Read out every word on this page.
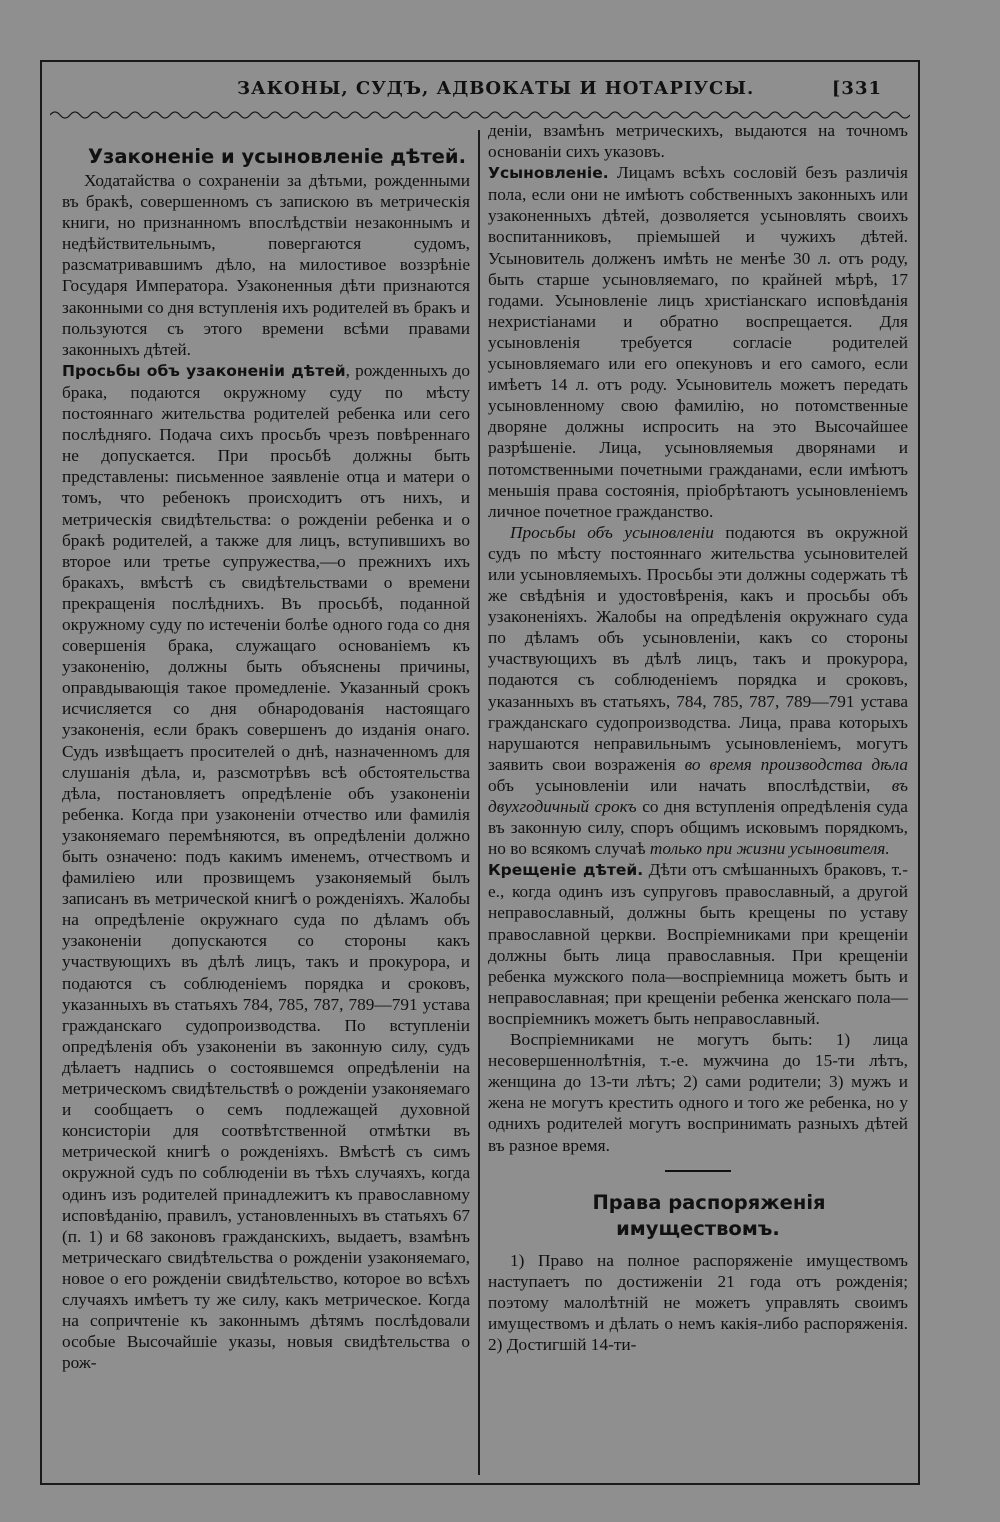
ЗАКОНЫ, СУДЪ, АДВОКАТЫ И НОТАРІУСЫ.	[331

Узаконеніе и усыновленіе дѣтей.

Ходатайства о сохраненіи за дѣтьми, рожденными въ бракѣ, совершенномъ съ запискою въ метрическія книги, но признанномъ впослѣдствіи незаконнымъ и недѣйствительнымъ, повергаются судомъ, разсматривавшимъ дѣло, на милостивое воззрѣніе Государя Императора. Узаконенныя дѣти признаются законными со дня вступленія ихъ родителей въ бракъ и пользуются съ этого времени всѣми правами законныхъ дѣтей.

Просьбы объ узаконеніи дѣтей, рожденныхъ до брака, подаются окружному суду по мѣсту постояннаго жительства родителей ребенка или сего послѣдняго. Подача сихъ просьбъ чрезъ повѣреннаго не допускается. При просьбѣ должны быть представлены: письменное заявленіе отца и матери о томъ, что ребенокъ происходитъ отъ нихъ, и метрическія свидѣтельства: о рожденіи ребенка и о бракѣ родителей, а также для лицъ, вступившихъ во второе или третье супружества,—о прежнихъ ихъ бракахъ, вмѣстѣ съ свидѣтельствами о времени прекращенія послѣднихъ. Въ просьбѣ, поданной окружному суду по истеченіи болѣе одного года со дня совершенія брака, служащаго основаніемъ къ узаконенію, должны быть объяснены причины, оправдывающія такое промедленіе. Указанный срокъ исчисляется со дня обнародованія настоящаго узаконенія, если бракъ совершенъ до изданія онаго. Судъ извѣщаетъ просителей о днѣ, назначенномъ для слушанія дѣла, и, разсмотрѣвъ всѣ обстоятельства дѣла, постановляетъ опредѣленіе объ узаконеніи ребенка. Когда при узаконеніи отчество или фамилія узаконяемаго перемѣняются, въ опредѣленіи должно быть означено: подъ какимъ именемъ, отчествомъ и фамиліею или прозвищемъ узаконяемый былъ записанъ въ метрической книгѣ о рожденіяхъ. Жалобы на опредѣленіе окружнаго суда по дѣламъ объ узаконеніи допускаются со стороны какъ участвующихъ въ дѣлѣ лицъ, такъ и прокурора, и подаются съ соблюденіемъ порядка и сроковъ, указанныхъ въ статьяхъ 784, 785, 787, 789—791 устава гражданскаго судопроизводства. По вступленіи опредѣленія объ узаконеніи въ законную силу, судъ дѣлаетъ надпись о состоявшемся опредѣленіи на метрическомъ свидѣтельствѣ о рожденіи узаконяемаго и сообщаетъ о семъ подлежащей духовной консисторіи для соотвѣтственной отмѣтки въ метрической книгѣ о рожденіяхъ. Вмѣстѣ съ симъ окружной судъ по соблюденіи въ тѣхъ случаяхъ, когда одинъ изъ родителей принадлежитъ къ православному исповѣданію, правилъ, установленныхъ въ статьяхъ 67 (п. 1) и 68 законовъ гражданскихъ, выдаетъ, взамѣнъ метрическаго свидѣтельства о рожденіи узаконяемаго, новое о его рожденіи свидѣтельство, которое во всѣхъ случаяхъ имѣетъ ту же силу, какъ метрическое. Когда на сопричтеніе къ законнымъ дѣтямъ послѣдовали особые Высочайшіе указы, новыя свидѣтельства о рож-

деніи, взамѣнъ метрическихъ, выдаются на точномъ основаніи сихъ указовъ.

Усыновленіе. Лицамъ всѣхъ сословій безъ различія пола, если они не имѣютъ собственныхъ законныхъ или узаконенныхъ дѣтей, дозволяется усыновлять своихъ воспитанниковъ, пріемышей и чужихъ дѣтей. Усыновитель долженъ имѣть не менѣе 30 л. отъ роду, быть старше усыновляемаго, по крайней мѣрѣ, 17 годами. Усыновленіе лицъ христіанскаго исповѣданія нехристіанами и обратно воспрещается. Для усыновленія требуется согласіе родителей усыновляемаго или его опекуновъ и его самого, если имѣетъ 14 л. отъ роду. Усыновитель можетъ передать усыновленному свою фамилію, но потомственные дворяне должны испросить на это Высочайшее разрѣшеніе. Лица, усыновляемыя дворянами и потомственными почетными гражданами, если имѣютъ меньшія права состоянія, пріобрѣтаютъ усыновленіемъ личное почетное гражданство.

Просьбы объ усыновленіи подаются въ окружной судъ по мѣсту постояннаго жительства усыновителей или усыновляемыхъ. Просьбы эти должны содержать тѣ же свѣдѣнія и удостовѣренія, какъ и просьбы объ узаконеніяхъ. Жалобы на опредѣленія окружнаго суда по дѣламъ объ усыновленіи, какъ со стороны участвующихъ въ дѣлѣ лицъ, такъ и прокурора, подаются съ соблюденіемъ порядка и сроковъ, указанныхъ въ статьяхъ, 784, 785, 787, 789—791 устава гражданскаго судопроизводства. Лица, права которыхъ нарушаются неправильнымъ усыновленіемъ, могутъ заявить свои возраженія во время производства дѣла объ усыновленіи или начать впослѣдствіи, въ двухгодичный срокъ со дня вступленія опредѣленія суда въ законную силу, споръ общимъ исковымъ порядкомъ, но во всякомъ случаѣ только при жизни усыновителя.

Крещеніе дѣтей. Дѣти отъ смѣшанныхъ браковъ, т.-е., когда одинъ изъ супруговъ православный, а другой неправославный, должны быть крещены по уставу православной церкви. Воспріемниками при крещеніи должны быть лица православныя. При крещеніи ребенка мужского пола—воспріемница можетъ быть и неправославная; при крещеніи ребенка женскаго пола—воспріемникъ можетъ быть неправославный.

Воспріемниками не могутъ быть: 1) лица несовершеннолѣтнія, т.-е. мужчина до 15-ти лѣтъ, женщина до 13-ти лѣтъ; 2) сами родители; 3) мужъ и жена не могутъ крестить одного и того же ребенка, но у однихъ родителей могутъ воспринимать разныхъ дѣтей въ разное время.

Права распоряженія имуществомъ.

1) Право на полное распоряженіе имуществомъ наступаетъ по достиженіи 21 года отъ рожденія; поэтому малолѣтній не можетъ управлять своимъ имуществомъ и дѣлать о немъ какія-либо распоряженія. 2) Достигшій 14-ти-
